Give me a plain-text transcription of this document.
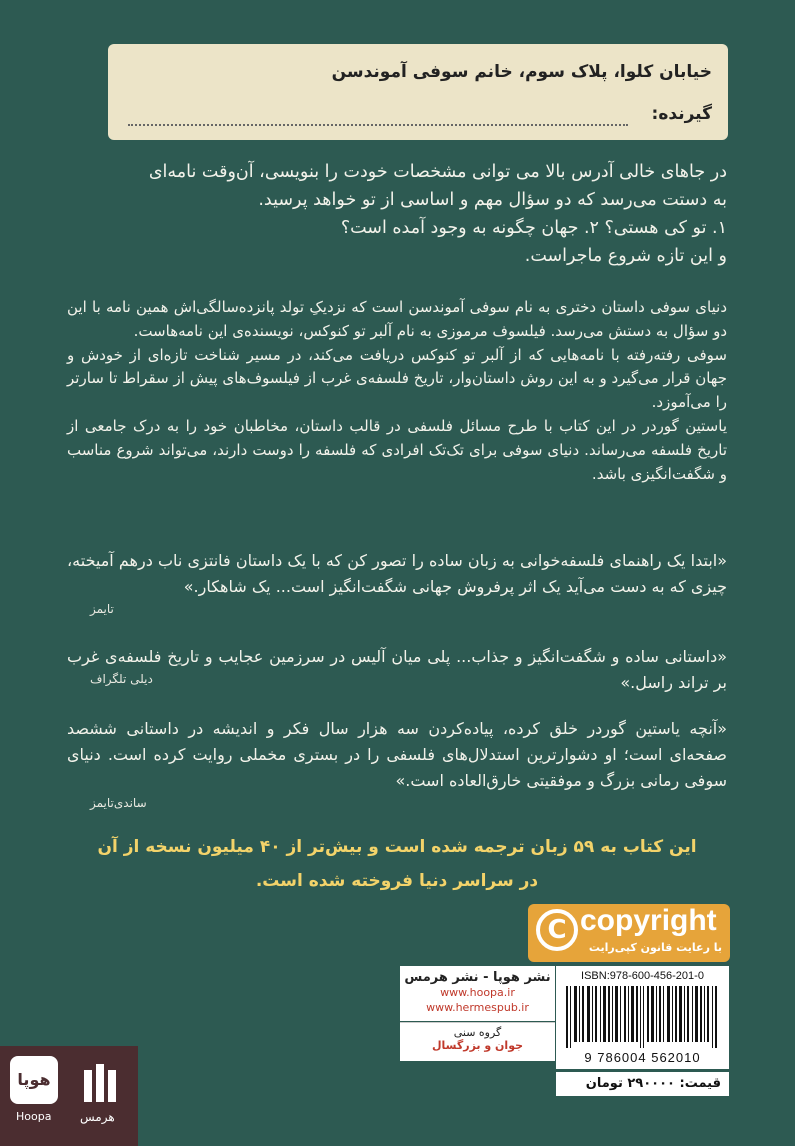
خیابان کلوا، پلاک سوم، خانم سوفی آموندسن
گیرنده:
در جاهای خالی آدرس بالا می توانی مشخصات خودت را بنویسی، آن‌وقت نامه‌ای
به دستت می‌رسد که دو سؤال مهم و اساسی از تو خواهد پرسید.
۱. تو کی هستی؟ ۲. جهان چگونه به وجود آمده است؟
و این تازه شروع ماجراست.
دنیای سوفی داستان دختری به نام سوفی آموندسن است که نزدیکِ تولد پانزده‌سالگی‌اش همین نامه با این دو سؤال به دستش می‌رسد. فیلسوف مرموزی به نام آلبر تو کنوکس، نویسنده‌ی این نامه‌هاست.
سوفی رفته‌رفته با نامه‌هایی که از آلبر تو کنوکس دریافت می‌کند، در مسیر شناخت تازه‌ای از خودش و جهان قرار می‌گیرد و به این روش داستان‌وار، تاریخ فلسفه‌ی غرب از فیلسوف‌های پیش از سقراط تا سارتر را می‌آموزد.
یاستین گوردر در این کتاب با طرح مسائل فلسفی در قالب داستان، مخاطبان خود را به درک جامعی از تاریخ فلسفه می‌رساند. دنیای سوفی برای تک‌تک افرادی که فلسفه را دوست دارند، می‌تواند شروع مناسب و شگفت‌انگیزی باشد.
«ابتدا یک راهنمای فلسفه‌خوانی به زبان ساده را تصور کن که با یک داستان فانتزی ناب درهم آمیخته، چیزی که به دست می‌آید یک اثر پرفروش جهانی شگفت‌انگیز است... یک شاهکار.»
تایمز
«داستانی ساده و شگفت‌انگیز و جذاب... پلی میان آلیس در سرزمین عجایب و تاریخ فلسفه‌ی غرب بر تراند راسل.»
دیلی تلگراف
«آنچه یاستین گوردر خلق کرده، پیاده‌کردن سه هزار سال فکر و اندیشه در داستانی ششصد صفحه‌ای است؛ او دشوارترین استدلال‌های فلسفی را در بستری مخملی روایت کرده است. دنیای سوفی رمانی بزرگ و موفقیتی خارق‌العاده است.»
ساندی‌تایمز
این کتاب به ۵۹ زبان ترجمه شده است و بیش‌تر از ۴۰ میلیون نسخه از آن
در سراسر دنیا فروخته شده است.
C copyright
با رعایت قانون کپی‌رایت
نشر هوپا - نشر هرمس
www.hoopa.ir
www.hermespub.ir
گروه سنی
جوان و بزرگسال
ISBN:978-600-456-201-0
9 786004 562010
قیمت: ۲۹۰۰۰۰ تومان
هوپا
Hoopa هرمس
